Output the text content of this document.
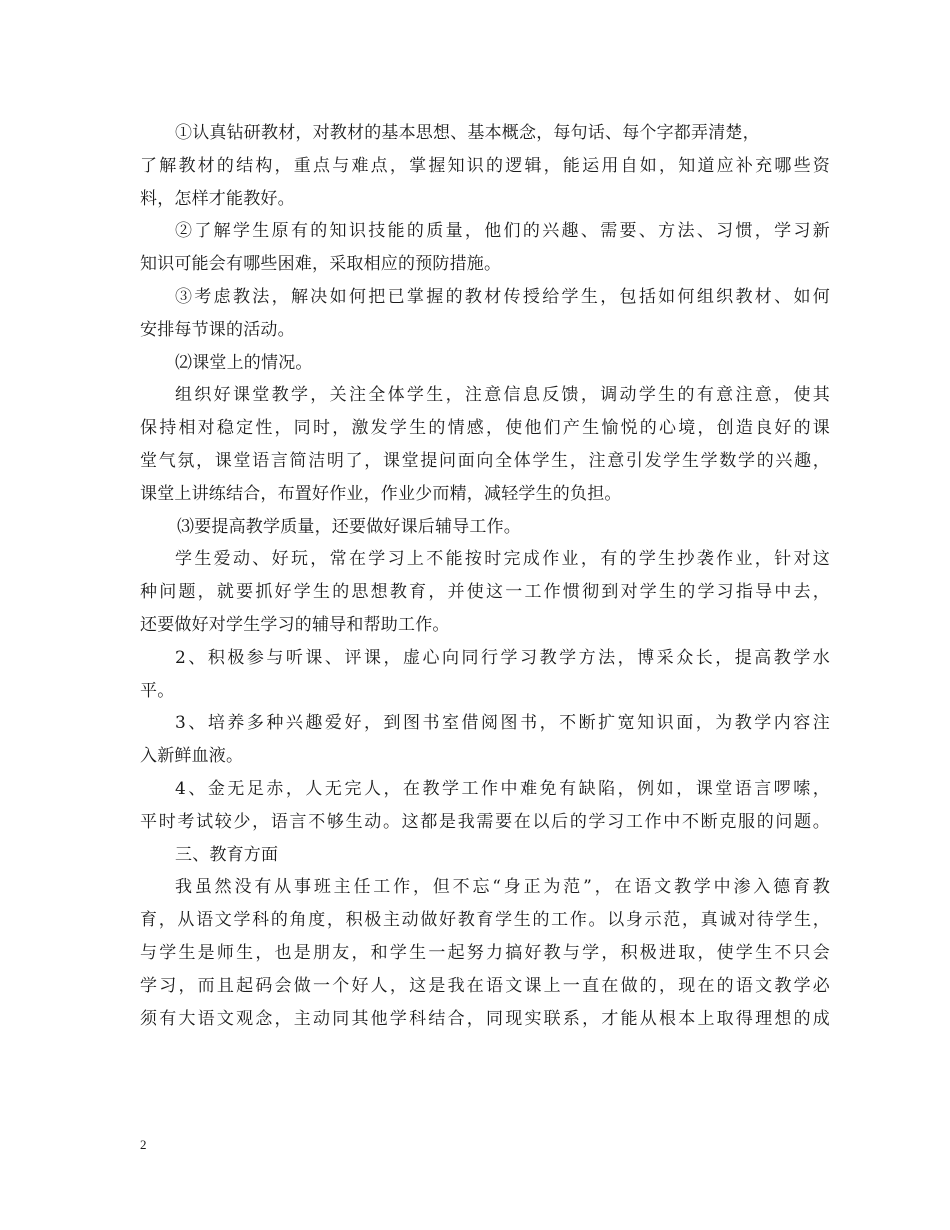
①认真钻研教材，对教材的基本思想、基本概念，每句话、每个字都弄清楚，
了解教材的结构，重点与难点，掌握知识的逻辑，能运用自如，知道应补充哪些资
料，怎样才能教好。
②了解学生原有的知识技能的质量，他们的兴趣、需要、方法、习惯，学习新
知识可能会有哪些困难，采取相应的预防措施。
③考虑教法，解决如何把已掌握的教材传授给学生，包括如何组织教材、如何
安排每节课的活动。
⑵课堂上的情况。
组织好课堂教学，关注全体学生，注意信息反馈，调动学生的有意注意，使其
保持相对稳定性，同时，激发学生的情感，使他们产生愉悦的心境，创造良好的课
堂气氛，课堂语言简洁明了，课堂提问面向全体学生，注意引发学生学数学的兴趣，
课堂上讲练结合，布置好作业，作业少而精，减轻学生的负担。
⑶要提高教学质量，还要做好课后辅导工作。
学生爱动、好玩，常在学习上不能按时完成作业，有的学生抄袭作业，针对这
种问题，就要抓好学生的思想教育，并使这一工作惯彻到对学生的学习指导中去，
还要做好对学生学习的辅导和帮助工作。
2、积极参与听课、评课，虚心向同行学习教学方法，博采众长，提高教学水
平。
3、培养多种兴趣爱好，到图书室借阅图书，不断扩宽知识面，为教学内容注
入新鲜血液。
4、金无足赤，人无完人，在教学工作中难免有缺陷，例如，课堂语言啰嗦，
平时考试较少，语言不够生动。这都是我需要在以后的学习工作中不断克服的问题。
三、教育方面
我虽然没有从事班主任工作，但不忘“身正为范”，在语文教学中渗入德育教
育，从语文学科的角度，积极主动做好教育学生的工作。以身示范，真诚对待学生，
与学生是师生，也是朋友，和学生一起努力搞好教与学，积极进取，使学生不只会
学习，而且起码会做一个好人，这是我在语文课上一直在做的，现在的语文教学必
须有大语文观念，主动同其他学科结合，同现实联系，才能从根本上取得理想的成
2
